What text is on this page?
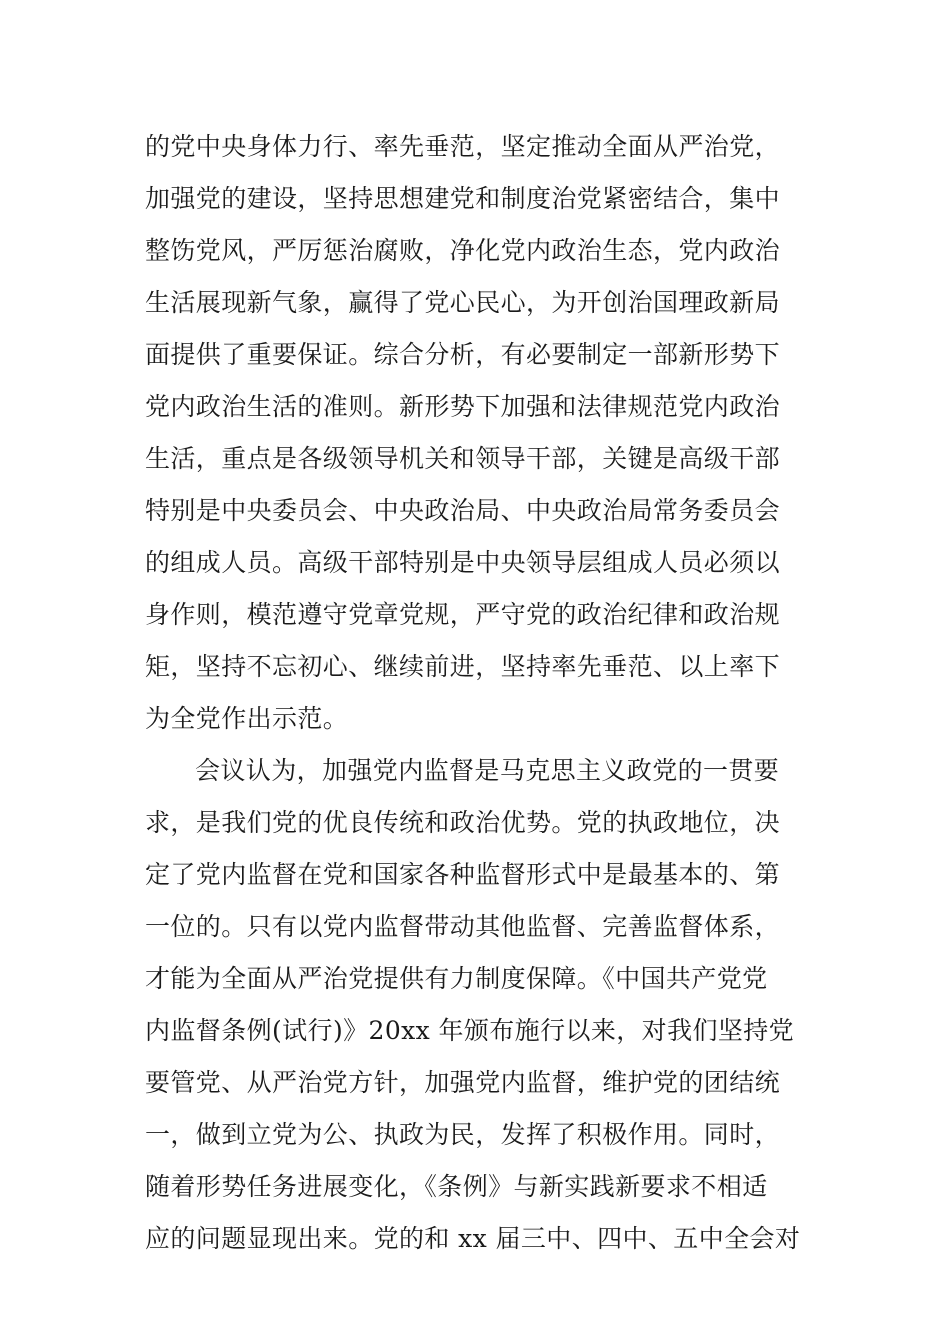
的党中央身体力行、率先垂范，坚定推动全面从严治党，
加强党的建设，坚持思想建党和制度治党紧密结合，集中
整饬党风，严厉惩治腐败，净化党内政治生态，党内政治
生活展现新气象，赢得了党心民心，为开创治国理政新局
面提供了重要保证。综合分析，有必要制定一部新形势下
党内政治生活的准则。新形势下加强和法律规范党内政治
生活，重点是各级领导机关和领导干部，关键是高级干部
特别是中央委员会、中央政治局、中央政治局常务委员会
的组成人员。高级干部特别是中央领导层组成人员必须以
身作则，模范遵守党章党规，严守党的政治纪律和政治规
矩，坚持不忘初心、继续前进，坚持率先垂范、以上率下
为全党作出示范。
会议认为，加强党内监督是马克思主义政党的一贯要
求，是我们党的优良传统和政治优势。党的执政地位，决
定了党内监督在党和国家各种监督形式中是最基本的、第
一位的。只有以党内监督带动其他监督、完善监督体系，
才能为全面从严治党提供有力制度保障。《中国共产党党
内监督条例(试行)》20xx 年颁布施行以来，对我们坚持党
要管党、从严治党方针，加强党内监督，维护党的团结统
一，做到立党为公、执政为民，发挥了积极作用。同时，
随着形势任务进展变化，《条例》与新实践新要求不相适
应的问题显现出来。党的和 xx 届三中、四中、五中全会对
